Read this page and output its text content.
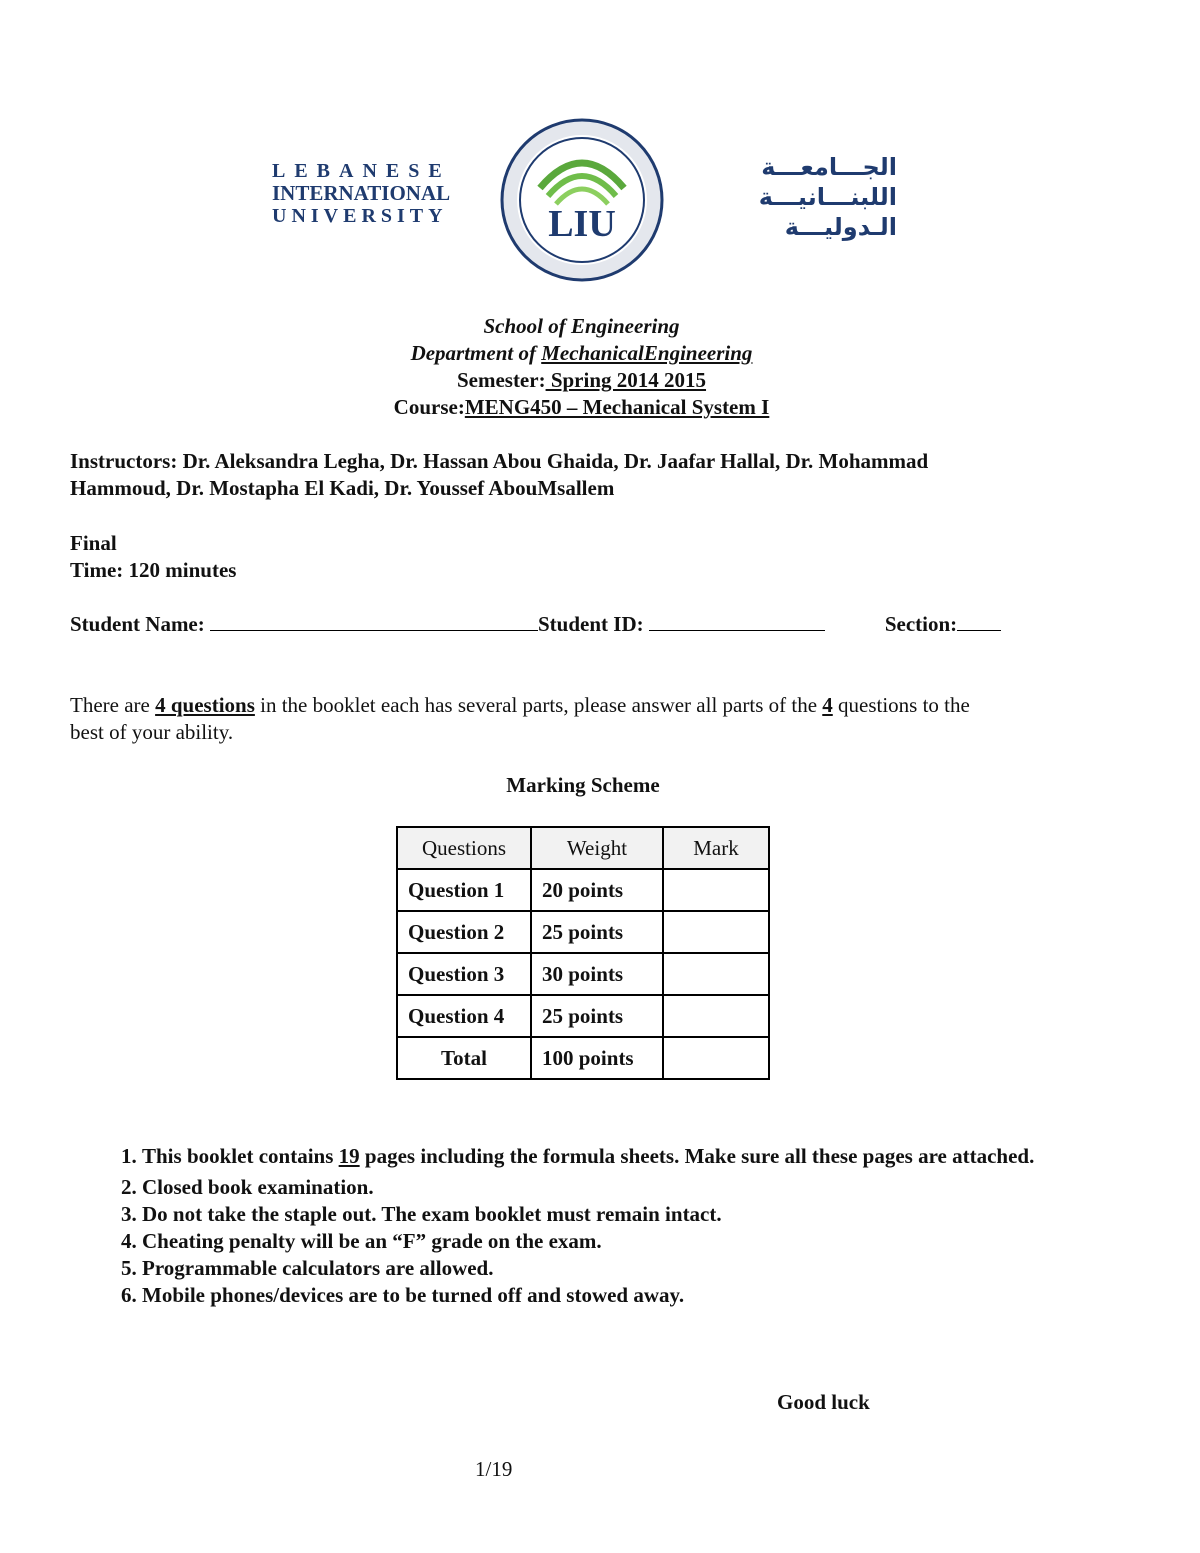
LEBANESE
INTERNATIONAL
UNIVERSITY	LIU
الجـــامعـــة
اللبنـــانيـــة
الـدوليـــة
School of Engineering
Department of MechanicalEngineering
Semester: Spring 2014 2015
Course:MENG450 – Mechanical System I
Instructors: Dr. Aleksandra Legha, Dr. Hassan Abou Ghaida, Dr. Jaafar Hallal, Dr. Mohammad
Hammoud, Dr. Mostapha El Kadi, Dr. Youssef AbouMsallem
Final
Time: 120 minutes
Student Name:	Student ID:	Section:
There are 4 questions in the booklet each has several parts, please answer all parts of the 4 questions to the
best of your ability.
Marking Scheme
Questions	Weight	Mark
Question 1	20 points	
Question 2	25 points	
Question 3	30 points	
Question 4	25 points	
Total	100 points	
1. This booklet contains 19 pages including the formula sheets. Make sure all these pages are attached.
2. Closed book examination.
3. Do not take the staple out. The exam booklet must remain intact.
4. Cheating penalty will be an “F” grade on the exam.
5. Programmable calculators are allowed.
6. Mobile phones/devices are to be turned off and stowed away.
Good luck
1/19
